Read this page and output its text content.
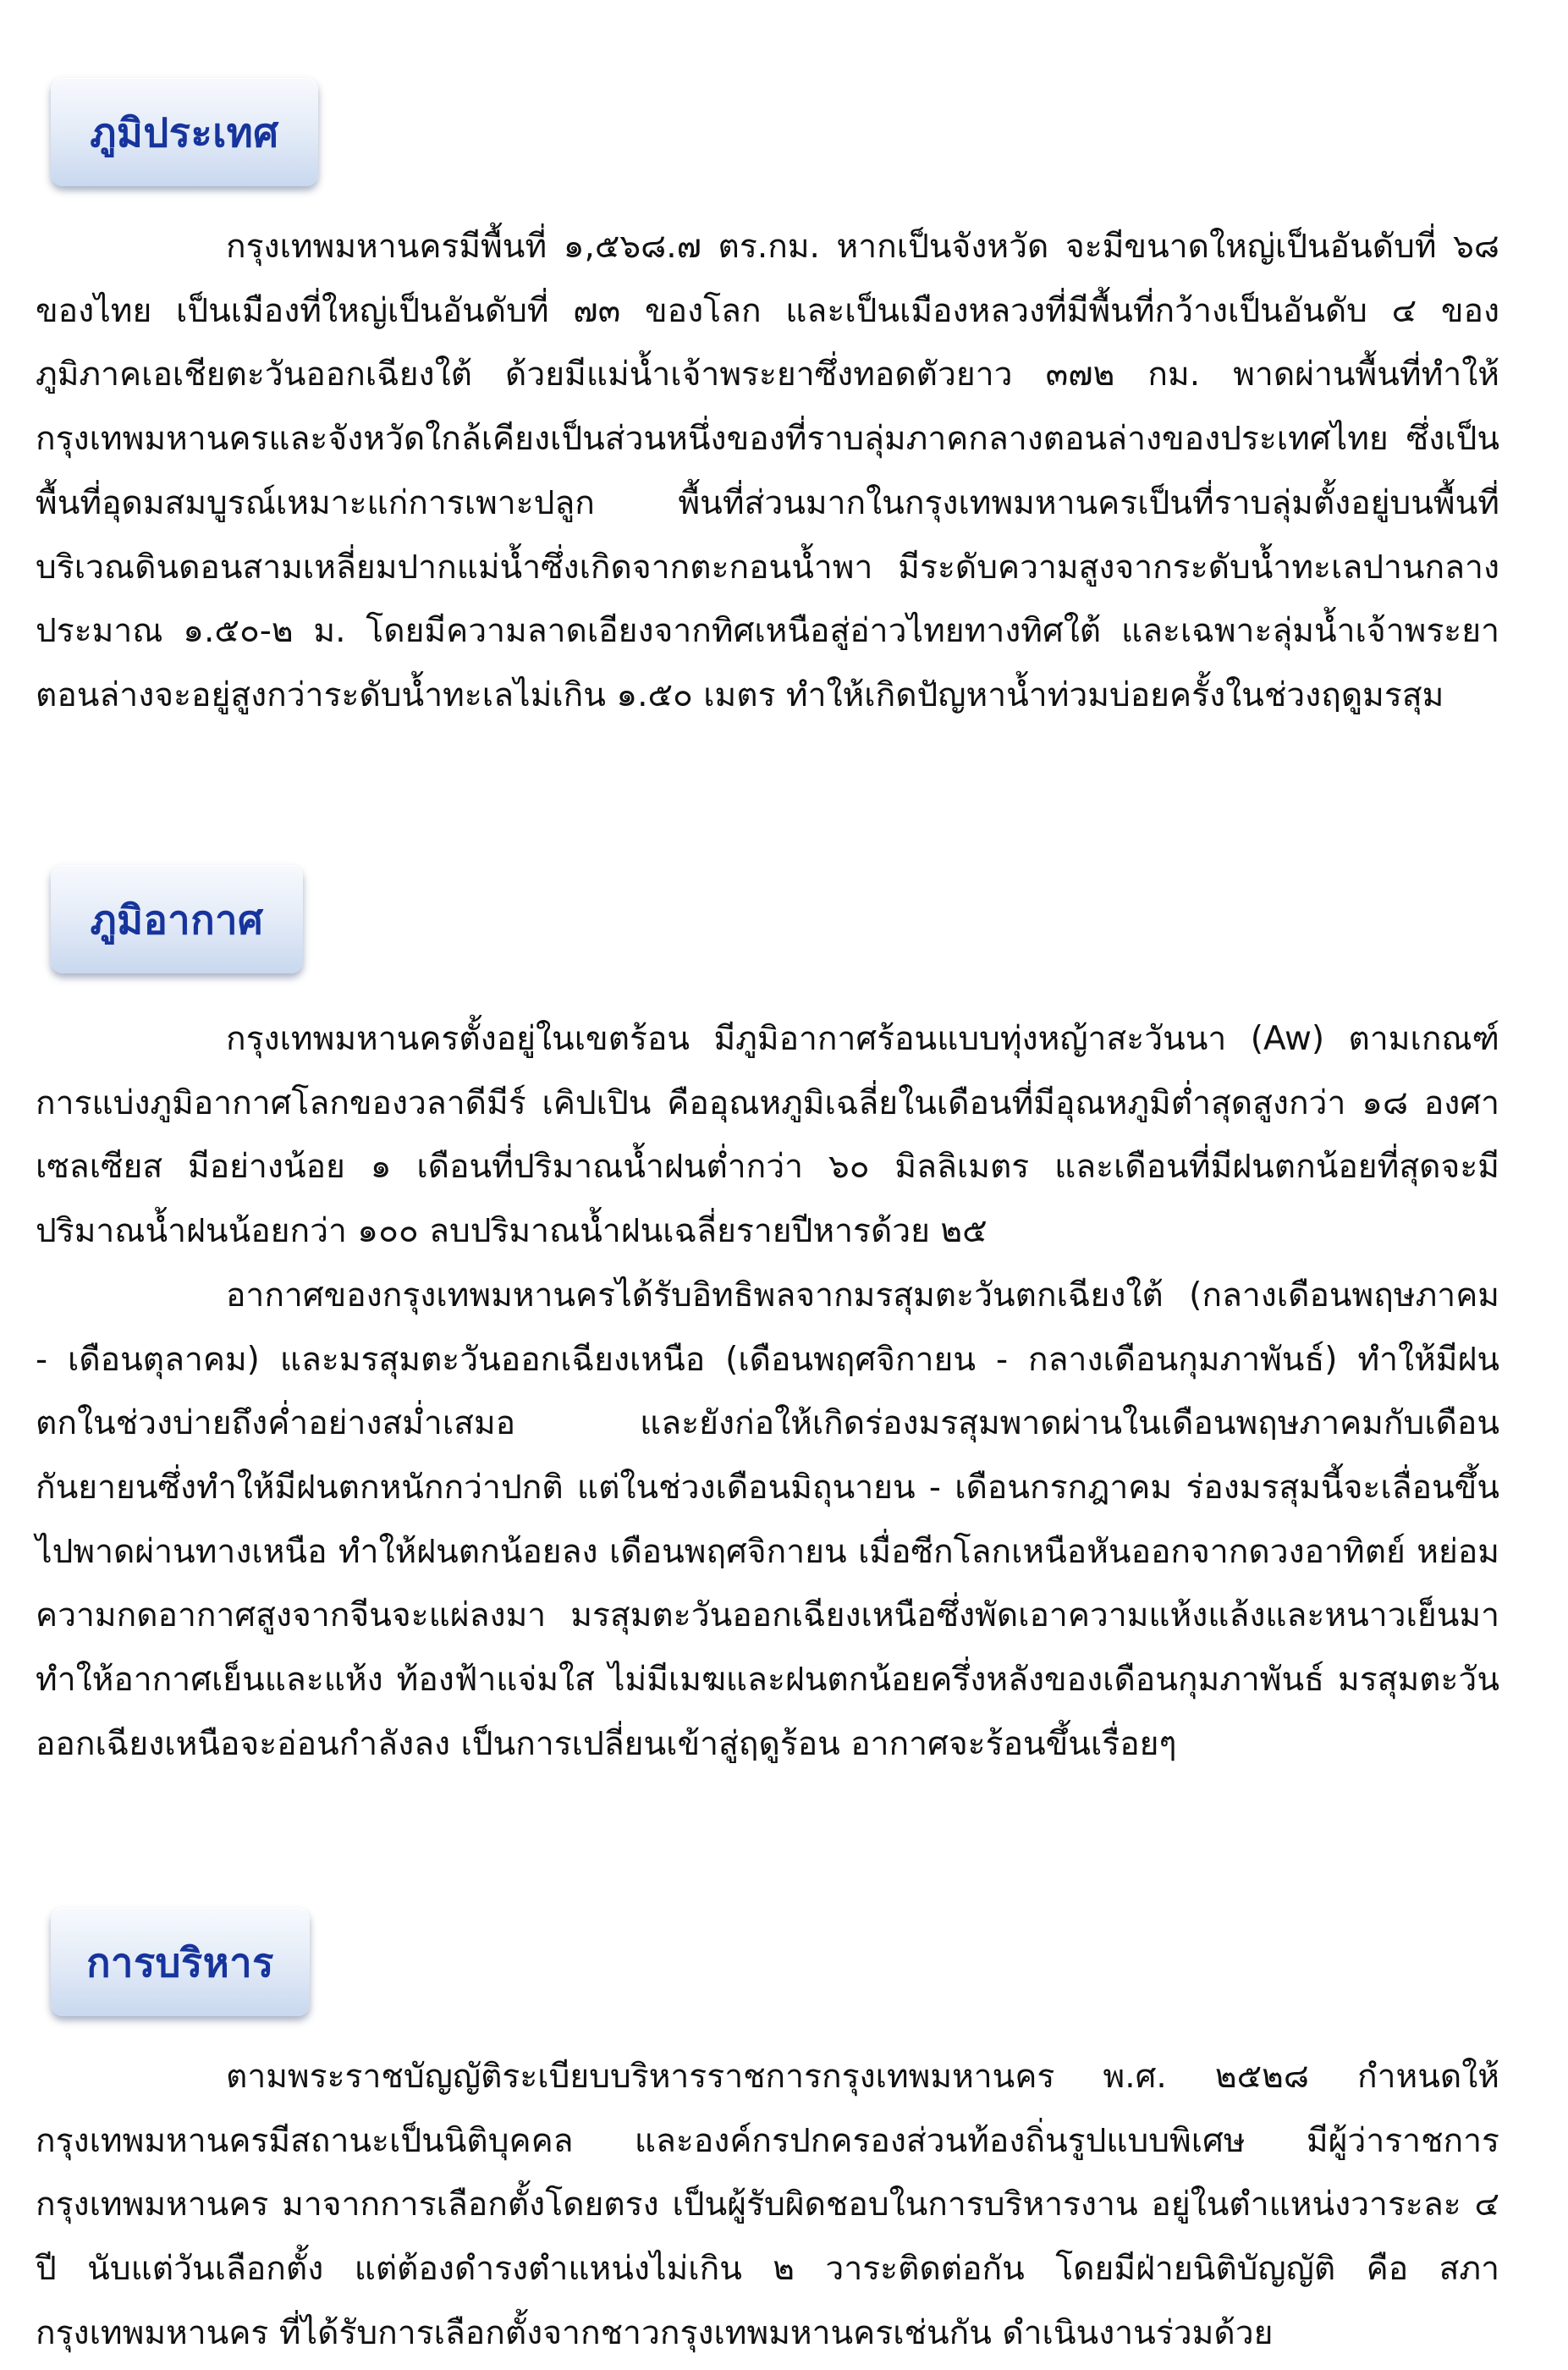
ภูมิประเทศ

กรุงเทพมหานครมีพื้นที่ ๑,๕๖๘.๗ ตร.กม. หากเป็นจังหวัด จะมีขนาดใหญ่เป็นอันดับที่ ๖๘ ของไทย เป็นเมืองที่ใหญ่เป็นอันดับที่ ๗๓ ของโลก และเป็นเมืองหลวงที่มีพื้นที่กว้างเป็นอันดับ ๔ ของภูมิภาคเอเชียตะวันออกเฉียงใต้ ด้วยมีแม่น้ำเจ้าพระยาซึ่งทอดตัวยาว ๓๗๒ กม. พาดผ่านพื้นที่ทำให้กรุงเทพมหานครและจังหวัดใกล้เคียงเป็นส่วนหนึ่งของที่ราบลุ่มภาคกลางตอนล่างของประเทศไทย ซึ่งเป็นพื้นที่อุดมสมบูรณ์เหมาะแก่การเพาะปลูก พื้นที่ส่วนมากในกรุงเทพมหานครเป็นที่ราบลุ่มตั้งอยู่บนพื้นที่บริเวณดินดอนสามเหลี่ยมปากแม่น้ำซึ่งเกิดจากตะกอนน้ำพา มีระดับความสูงจากระดับน้ำทะเลปานกลางประมาณ ๑.๕๐-๒ ม. โดยมีความลาดเอียงจากทิศเหนือสู่อ่าวไทยทางทิศใต้ และเฉพาะลุ่มน้ำเจ้าพระยาตอนล่างจะอยู่สูงกว่าระดับน้ำทะเลไม่เกิน ๑.๕๐ เมตร ทำให้เกิดปัญหาน้ำท่วมบ่อยครั้งในช่วงฤดูมรสุม

ภูมิอากาศ

กรุงเทพมหานครตั้งอยู่ในเขตร้อน มีภูมิอากาศร้อนแบบทุ่งหญ้าสะวันนา (Aw) ตามเกณฑ์การแบ่งภูมิอากาศโลกของวลาดีมีร์ เคิปเปิน คืออุณหภูมิเฉลี่ยในเดือนที่มีอุณหภูมิต่ำสุดสูงกว่า ๑๘ องศาเซลเซียส มีอย่างน้อย ๑ เดือนที่ปริมาณน้ำฝนต่ำกว่า ๖๐ มิลลิเมตร และเดือนที่มีฝนตกน้อยที่สุดจะมีปริมาณน้ำฝนน้อยกว่า ๑๐๐ ลบปริมาณน้ำฝนเฉลี่ยรายปีหารด้วย ๒๕

อากาศของกรุงเทพมหานครได้รับอิทธิพลจากมรสุมตะวันตกเฉียงใต้ (กลางเดือนพฤษภาคม - เดือนตุลาคม) และมรสุมตะวันออกเฉียงเหนือ (เดือนพฤศจิกายน - กลางเดือนกุมภาพันธ์) ทำให้มีฝนตกในช่วงบ่ายถึงค่ำอย่างสม่ำเสมอ และยังก่อให้เกิดร่องมรสุมพาดผ่านในเดือนพฤษภาคมกับเดือนกันยายนซึ่งทำให้มีฝนตกหนักกว่าปกติ แต่ในช่วงเดือนมิถุนายน - เดือนกรกฎาคม ร่องมรสุมนี้จะเลื่อนขึ้นไปพาดผ่านทางเหนือ ทำให้ฝนตกน้อยลง เดือนพฤศจิกายน เมื่อซีกโลกเหนือหันออกจากดวงอาทิตย์ หย่อมความกดอากาศสูงจากจีนจะแผ่ลงมา มรสุมตะวันออกเฉียงเหนือซึ่งพัดเอาความแห้งแล้งและหนาวเย็นมาทำให้อากาศเย็นและแห้ง ท้องฟ้าแจ่มใส ไม่มีเมฆและฝนตกน้อยครึ่งหลังของเดือนกุมภาพันธ์ มรสุมตะวันออกเฉียงเหนือจะอ่อนกำลังลง เป็นการเปลี่ยนเข้าสู่ฤดูร้อน อากาศจะร้อนขึ้นเรื่อยๆ

การบริหาร

ตามพระราชบัญญัติระเบียบบริหารราชการกรุงเทพมหานคร พ.ศ. ๒๕๒๘ กำหนดให้กรุงเทพมหานครมีสถานะเป็นนิติบุคคล และองค์กรปกครองส่วนท้องถิ่นรูปแบบพิเศษ มีผู้ว่าราชการกรุงเทพมหานคร มาจากการเลือกตั้งโดยตรง เป็นผู้รับผิดชอบในการบริหารงาน อยู่ในตำแหน่งวาระละ ๔ ปี นับแต่วันเลือกตั้ง แต่ต้องดำรงตำแหน่งไม่เกิน ๒ วาระติดต่อกัน โดยมีฝ่ายนิติบัญญัติ คือ สภากรุงเทพมหานคร ที่ได้รับการเลือกตั้งจากชาวกรุงเทพมหานครเช่นกัน ดำเนินงานร่วมด้วย
